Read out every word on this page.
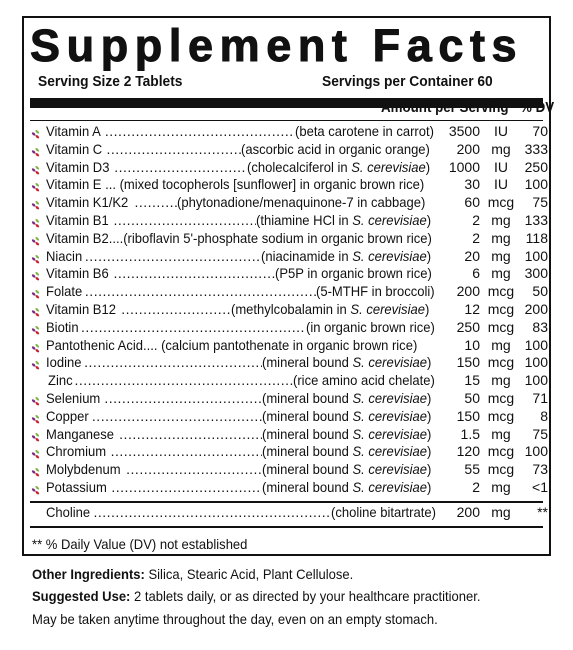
Supplement Facts
Serving Size 2 Tablets	Servings per Container 60
Amount per Serving % DV
Vitamin A .....	(beta carotene in carrot)	3500	IU	70
Vitamin C .....	(ascorbic acid in organic orange)	200 mg 333
Vitamin D3 .....	(cholecalciferol in S. cerevisiae)	1000	IU	250
Vitamin E ... (mixed tocopherols [sunflower] in organic brown rice)	30	IU	100
Vitamin K1/K2 .....	(phytonadione/menaquinone-7 in cabbage)	60 mcg	75
Vitamin B1 .....	(thiamine HCl in S. cerevisiae)	2 mg 133
Vitamin B2....(riboflavin 5'-phosphate sodium in organic brown rice)	2 mg	118
Niacin .....	(niacinamide in S. cerevisiae)	20 mg 100
Vitamin B6 .....	(P5P in organic brown rice)	6 mg 300
Folate .....	(5-MTHF in broccoli)	200 mcg	50
Vitamin B12 .....	(methylcobalamin in S. cerevisiae)	12 mcg 200
Biotin .....	(in organic brown rice)	250 mcg	83
Pantothenic Acid.... (calcium pantothenate in organic brown rice)	10 mg 100
Iodine .....	(mineral bound S. cerevisiae)	150 mcg 100
Zinc .....	(rice amino acid chelate)	15 mg 100
Selenium .....	(mineral bound S. cerevisiae)	50 mcg	71
Copper .....	(mineral bound S. cerevisiae)	150 mcg	8
Manganese .....	(mineral bound S. cerevisiae)	1.5 mg	75
Chromium .....	(mineral bound S. cerevisiae)	120 mcg 100
Molybdenum .....	(mineral bound S. cerevisiae)	55 mcg	73
Potassium .....	(mineral bound S. cerevisiae)	2 mg	<1
Choline .....	(choline bitartrate)	200 mg	**
** % Daily Value (DV) not established
Other Ingredients: Silica, Stearic Acid, Plant Cellulose.
Suggested Use: 2 tablets daily, or as directed by your healthcare practitioner.
May be taken anytime throughout the day, even on an empty stomach.
